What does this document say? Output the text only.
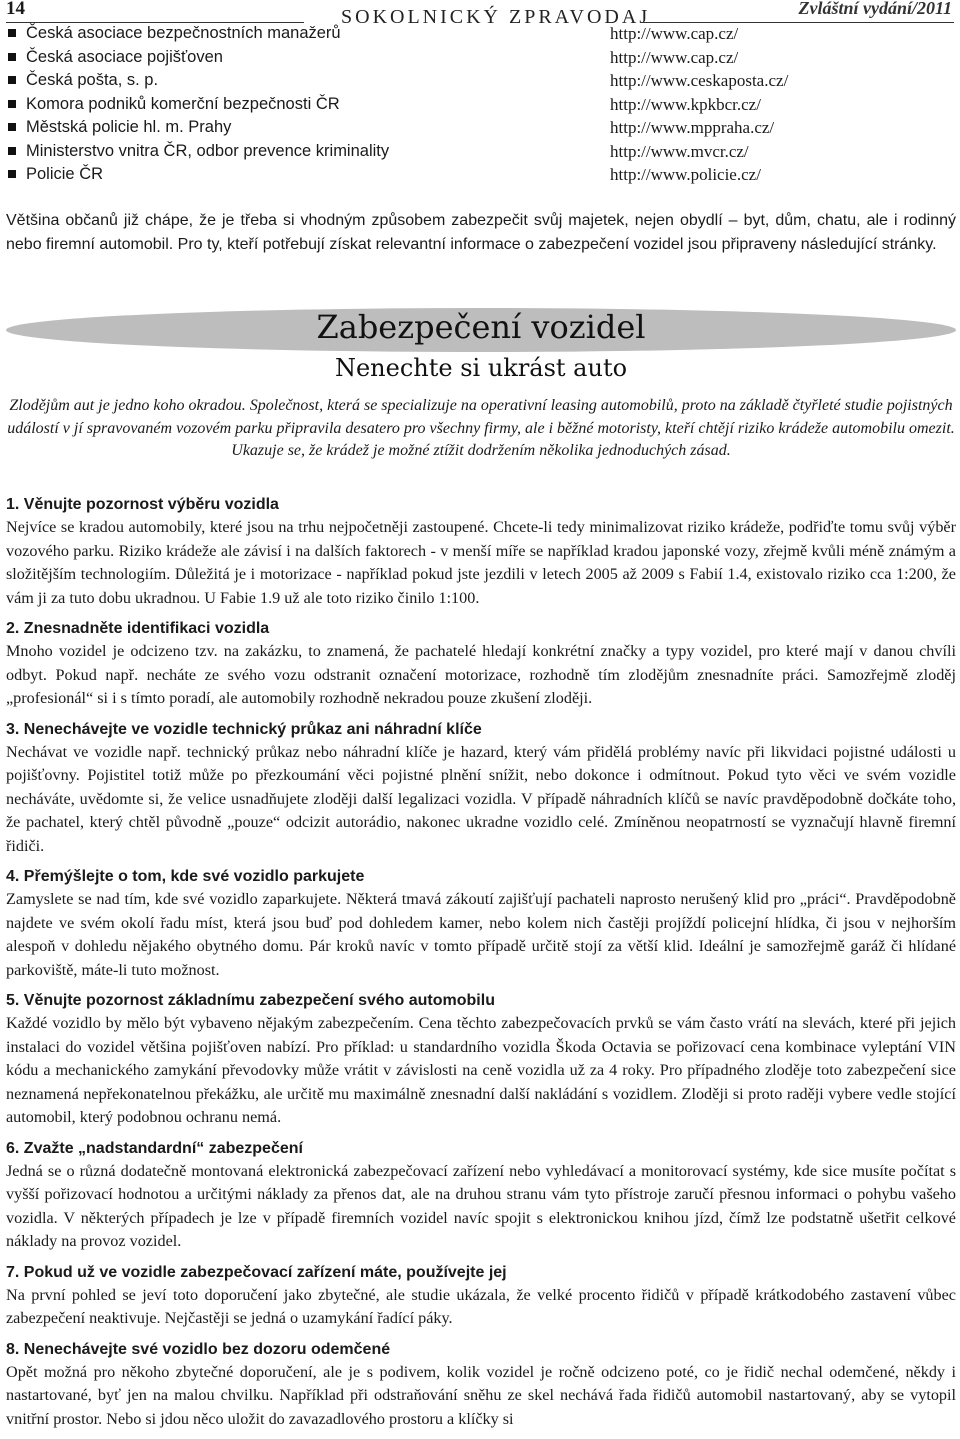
14	SOKOLNICKÝ ZPRAVODAJ	Zvláštní vydání/2011
Česká asociace bezpečnostních manažerů	http://www.cap.cz/
Česká asociace pojišťoven	http://www.cap.cz/
Česká pošta, s. p.	http://www.ceskaposta.cz/
Komora podniků komerční bezpečnosti ČR	http://www.kpkbcr.cz/
Městská policie hl. m. Prahy	http://www.mppraha.cz/
Ministerstvo vnitra ČR, odbor prevence kriminality	http://www.mvcr.cz/
Policie ČR	http://www.policie.cz/

Většina občanů již chápe, že je třeba si vhodným způsobem zabezpečit svůj majetek, nejen obydlí – byt, dům, chatu, ale i rodinný nebo firemní automobil. Pro ty, kteří potřebují získat relevantní informace o zabezpečení vozidel jsou připraveny následující stránky.

Zabezpečení vozidel
Nenechte si ukrást auto

Zlodějům aut je jedno koho okradou. Společnost, která se specializuje na operativní leasing automobilů, proto na základě čtyřleté studie pojistných událostí v jí spravovaném vozovém parku připravila desatero pro všechny firmy, ale i běžné motoristy, kteří chtějí riziko krádeže automobilu omezit. Ukazuje se, že krádež je možné ztížit dodržením několika jednoduchých zásad.

1. Věnujte pozornost výběru vozidla

Nejvíce se kradou automobily, které jsou na trhu nejpočetněji zastoupené. Chcete-li tedy minimalizovat riziko krádeže, podřiďte tomu svůj výběr vozového parku. Riziko krádeže ale závisí i na dalších faktorech - v menší míře se například kradou japonské vozy, zřejmě kvůli méně známým a složitějším technologiím. Důležitá je i motorizace - například pokud jste jezdili v letech 2005 až 2009 s Fabií 1.4, existovalo riziko cca 1:200, že vám ji za tuto dobu ukradnou. U Fabie 1.9 už ale toto riziko činilo 1:100.

2. Znesnadněte identifikaci vozidla

Mnoho vozidel je odcizeno tzv. na zakázku, to znamená, že pachatelé hledají konkrétní značky a typy vozidel, pro které mají v danou chvíli odbyt. Pokud např. necháte ze svého vozu odstranit označení motorizace, rozhodně tím zlodějům znesnadníte práci. Samozřejmě zloděj „profesionál“ si i s tímto poradí, ale automobily rozhodně nekradou pouze zkušení zloději.

3. Nenechávejte ve vozidle technický průkaz ani náhradní klíče

Nechávat ve vozidle např. technický průkaz nebo náhradní klíče je hazard, který vám přidělá problémy navíc při likvidaci pojistné události u pojišťovny. Pojistitel totiž může po přezkoumání věci pojistné plnění snížit, nebo dokonce i odmítnout. Pokud tyto věci ve svém vozidle necháváte, uvědomte si, že velice usnadňujete zloději další legalizaci vozidla. V případě náhradních klíčů se navíc pravděpodobně dočkáte toho, že pachatel, který chtěl původně „pouze“ odcizit autorádio, nakonec ukradne vozidlo celé. Zmíněnou neopatrností se vyznačují hlavně firemní řidiči.

4. Přemýšlejte o tom, kde své vozidlo parkujete

Zamyslete se nad tím, kde své vozidlo zaparkujete. Některá tmavá zákoutí zajišťují pachateli naprosto nerušený klid pro „práci“. Pravděpodobně najdete ve svém okolí řadu míst, která jsou buď pod dohledem kamer, nebo kolem nich častěji projíždí policejní hlídka, či jsou v nejhorším alespoň v dohledu nějakého obytného domu. Pár kroků navíc v tomto případě určitě stojí za větší klid. Ideální je samozřejmě garáž či hlídané parkoviště, máte-li tuto možnost.

5. Věnujte pozornost základnímu zabezpečení svého automobilu

Každé vozidlo by mělo být vybaveno nějakým zabezpečením. Cena těchto zabezpečovacích prvků se vám často vrátí na slevách, které při jejich instalaci do vozidel většina pojišťoven nabízí. Pro příklad: u standardního vozidla Škoda Octavia se pořizovací cena kombinace vyleptání VIN kódu a mechanického zamykání převodovky může vrátit v závislosti na ceně vozidla už za 4 roky. Pro případného zloděje toto zabezpečení sice neznamená nepřekonatelnou překážku, ale určitě mu maximálně znesnadní další nakládání s vozidlem. Zloději si proto raději vybere vedle stojící automobil, který podobnou ochranu nemá.

6. Zvažte „nadstandardní“ zabezpečení

Jedná se o různá dodatečně montovaná elektronická zabezpečovací zařízení nebo vyhledávací a monitorovací systémy, kde sice musíte počítat s vyšší pořizovací hodnotou a určitými náklady za přenos dat, ale na druhou stranu vám tyto přístroje zaručí přesnou informaci o pohybu vašeho vozidla. V některých případech je lze v případě firemních vozidel navíc spojit s elektronickou knihou jízd, čímž lze podstatně ušetřit celkové náklady na provoz vozidel.

7. Pokud už ve vozidle zabezpečovací zařízení máte, používejte jej

Na první pohled se jeví toto doporučení jako zbytečné, ale studie ukázala, že velké procento řidičů v případě krátkodobého zastavení vůbec zabezpečení neaktivuje. Nejčastěji se jedná o uzamykání řadící páky.

8. Nenechávejte své vozidlo bez dozoru odemčené

Opět možná pro někoho zbytečné doporučení, ale je s podivem, kolik vozidel je ročně odcizeno poté, co je řidič nechal odemčené, někdy i nastartované, byť jen na malou chvilku. Například při odstraňování sněhu ze skel nechává řada řidičů automobil nastartovaný, aby se vytopil vnitřní prostor. Nebo si jdou něco uložit do zavazadlového prostoru a klíčky si
